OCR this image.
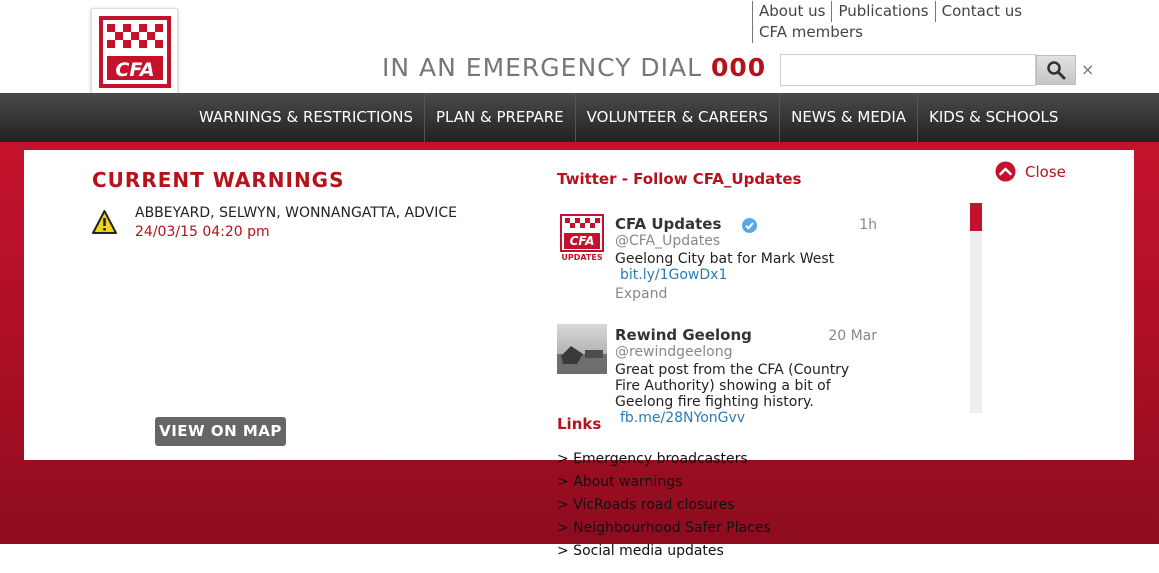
CFA
About us Publications Contact us
CFA members
IN AN EMERGENCY DIAL 000	×
WARNINGS & RESTRICTIONS	PLAN & PREPARE	VOLUNTEER & CAREERS	NEWS & MEDIA	KIDS & SCHOOLS
CURRENT WARNINGS
ABBEYARD, SELWYN, WONNANGATTA, ADVICE
24/03/15 04:20 pm
VIEW ON MAP
Twitter - Follow CFA_Updates
CFA
UPDATES
CFA Updates
@CFA_Updates
1h
Geelong City bat for Mark West
bit.ly/1GowDx1
Expand
Rewind Geelong
@rewindgeelong
20 Mar
Great post from the CFA (Country Fire Authority) showing a bit of Geelong fire fighting history.
fb.me/28NYonGvv
Close
Links
> Emergency broadcasters
> About warnings
> VicRoads road closures
> Neighbourhood Safer Places
> Social media updates
